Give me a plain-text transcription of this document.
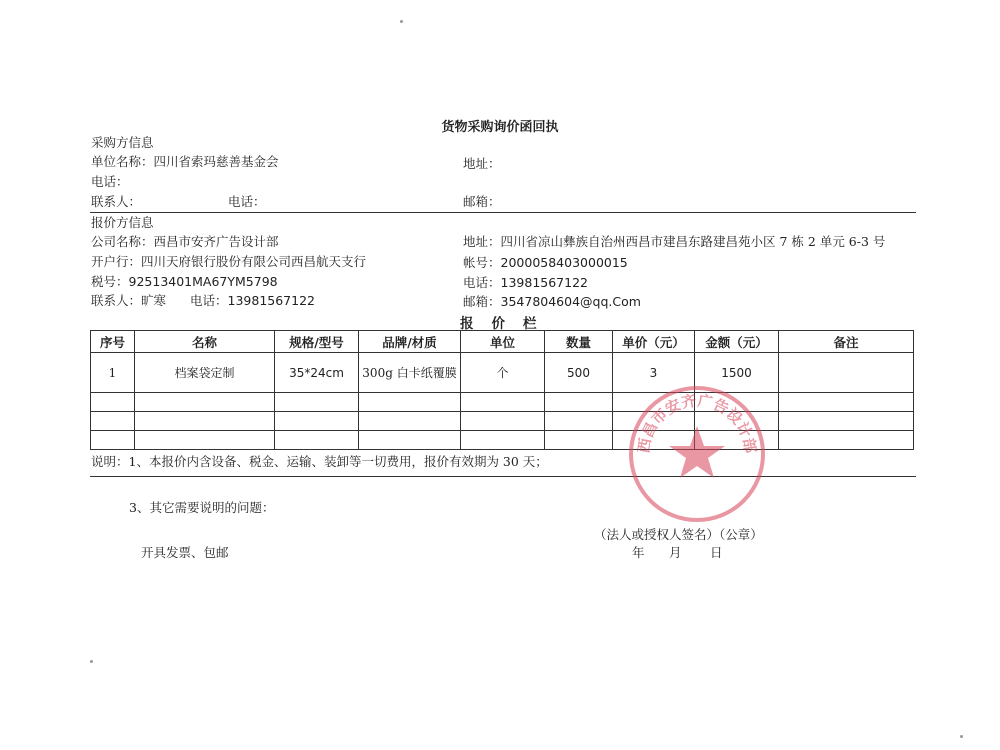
货物采购询价函回执
采购方信息
单位名称：四川省索玛慈善基金会	地址：
电话：
联系人：	电话：	邮箱：
报价方信息
公司名称：西昌市安齐广告设计部	地址：四川省凉山彝族自治州西昌市建昌东路建昌苑小区 7 栋 2 单元 6-3 号
开户行：四川天府银行股份有限公司西昌航天支行	帐号：2000058403000015
税号：92513401MA67YM5798	电话：13981567122
联系人：旷寒 电话：13981567122	邮箱：3547804604@qq.Com
报价栏
序号	名称	规格/型号	品牌/材质	单位	数量	单价（元）	金额（元）	备注
1	档案袋定制	35*24cm	300g 白卡纸覆膜	个	500	3	1500	

说明：1、本报价内含设备、税金、运输、装卸等一切费用，报价有效期为 30 天；
3、其它需要说明的问题：
（法人或授权人签名）（公章）
开具发票、包邮	年 月 日
西昌市安齐广告设计部
